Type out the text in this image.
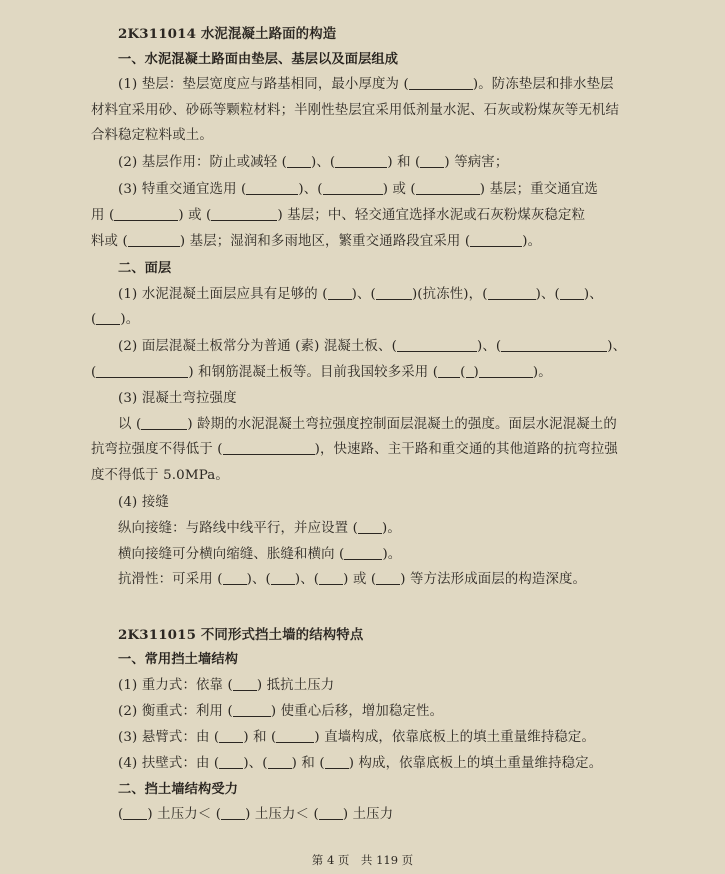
2K311014 水泥混凝土路面的构造
一、水泥混凝土路面由垫层、基层以及面层组成
(1) 垫层：垫层宽度应与路基相同，最小厚度为 (	)。防冻垫层和排水垫层
材料宜采用砂、砂砾等颗粒材料；半刚性垫层宜采用低剂量水泥、石灰或粉煤灰等无机结
合料稳定粒料或土。
(2) 基层作用：防止或减轻 ( )、(	) 和 ( ) 等病害；
(3) 特重交通宜选用 (	)、(	) 或 (	) 基层；重交通宜选
用 (	) 或 (	) 基层；中、轻交通宜选择水泥或石灰粉煤灰稳定粒
料或 (	) 基层；湿润和多雨地区，繁重交通路段宜采用 (	)。
二、面层
(1) 水泥混凝土面层应具有足够的 ( )、(	)(抗冻性)，(	)、( )、
( )。
(2) 面层混凝土板常分为普通 (素) 混凝土板、(	)、(	)、
(	) 和钢筋混凝土板等。目前我国较多采用 ( ( )	)。
(3) 混凝土弯拉强度
以 (	) 龄期的水泥混凝土弯拉强度控制面层混凝土的强度。面层水泥混凝土的
抗弯拉强度不得低于 (	)，快速路、主干路和重交通的其他道路的抗弯拉强
度不得低于 5.0MPa。
(4) 接缝
纵向接缝：与路线中线平行，并应设置 ( )。
横向接缝可分横向缩缝、胀缝和横向 (	)。
抗滑性：可采用 ( )、( )、( ) 或 ( ) 等方法形成面层的构造深度。
2K311015 不同形式挡土墙的结构特点
一、常用挡土墙结构
(1) 重力式：依靠 ( ) 抵抗土压力
(2) 衡重式：利用 (	) 使重心后移，增加稳定性。
(3) 悬臂式：由 ( ) 和 (	) 直墙构成，依靠底板上的填土重量维持稳定。
(4) 扶壁式：由 ( )、( ) 和 ( ) 构成，依靠底板上的填土重量维持稳定。
二、挡土墙结构受力
( ) 土压力＜ ( ) 土压力＜ ( ) 土压力
第 4 页　共 119 页
